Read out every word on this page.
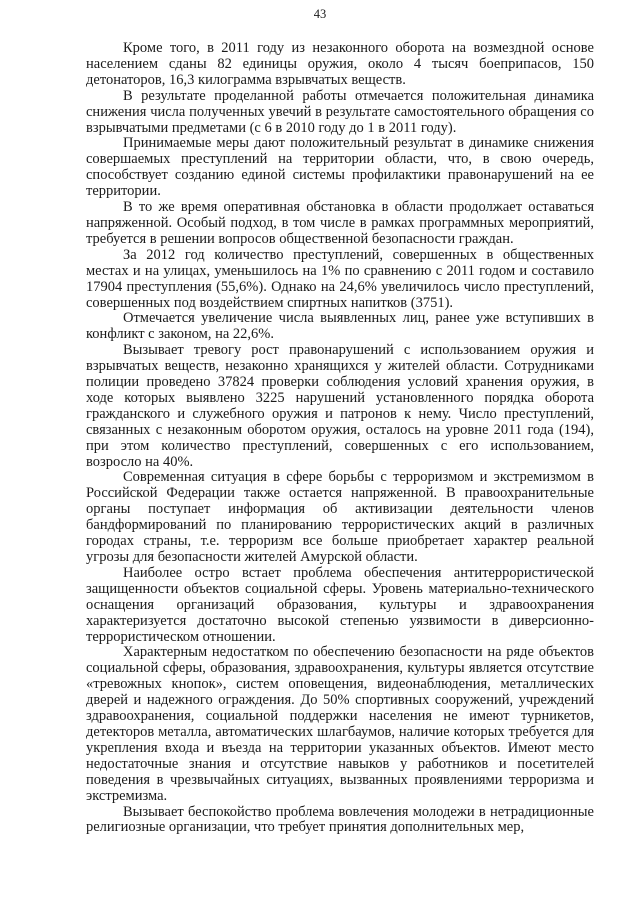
43

Кроме того, в 2011 году из незаконного оборота на возмездной основе населением сданы 82 единицы оружия, около 4 тысяч боеприпасов, 150 детонаторов, 16,3 килограмма взрывчатых веществ.

В результате проделанной работы отмечается положительная динамика снижения числа полученных увечий в результате самостоятельного обращения со взрывчатыми предметами (с 6 в 2010 году до 1 в 2011 году).

Принимаемые меры дают положительный результат в динамике снижения совершаемых преступлений на территории области, что, в свою очередь, способствует созданию единой системы профилактики правонарушений на ее территории.

В то же время оперативная обстановка в области продолжает оставаться напряженной. Особый подход, в том числе в рамках программных мероприятий, требуется в решении вопросов общественной безопасности граждан.

За 2012 год количество преступлений, совершенных в общественных местах и на улицах, уменьшилось на 1% по сравнению с 2011 годом и составило 17904 преступления (55,6%). Однако на 24,6% увеличилось число преступлений, совершенных под воздействием спиртных напитков (3751).

Отмечается увеличение числа выявленных лиц, ранее уже вступивших в конфликт с законом, на 22,6%.

Вызывает тревогу рост правонарушений с использованием оружия и взрывчатых веществ, незаконно хранящихся у жителей области. Сотрудниками полиции проведено 37824 проверки соблюдения условий хранения оружия, в ходе которых выявлено 3225 нарушений установленного порядка оборота гражданского и служебного оружия и патронов к нему. Число преступлений, связанных с незаконным оборотом оружия, осталось на уровне 2011 года (194), при этом количество преступлений, совершенных с его использованием, возросло на 40%.

Современная ситуация в сфере борьбы с терроризмом и экстремизмом в Российской Федерации также остается напряженной. В правоохранительные органы поступает информация об активизации деятельности членов бандформирований по планированию террористических акций в различных городах страны, т.е. терроризм все больше приобретает характер реальной угрозы для безопасности жителей Амурской области.

Наиболее остро встает проблема обеспечения антитеррористической защищенности объектов социальной сферы. Уровень материально-технического оснащения организаций образования, культуры и здравоохранения характеризуется достаточно высокой степенью уязвимости в диверсионно-террористическом отношении.

Характерным недостатком по обеспечению безопасности на ряде объектов социальной сферы, образования, здравоохранения, культуры является отсутствие «тревожных кнопок», систем оповещения, видеонаблюдения, металлических дверей и надежного ограждения. До 50% спортивных сооружений, учреждений здравоохранения, социальной поддержки населения не имеют турникетов, детекторов металла, автоматических шлагбаумов, наличие которых требуется для укрепления входа и въезда на территории указанных объектов. Имеют место недостаточные знания и отсутствие навыков у работников и посетителей поведения в чрезвычайных ситуациях, вызванных проявлениями терроризма и экстремизма.

Вызывает беспокойство проблема вовлечения молодежи в нетрадиционные религиозные организации, что требует принятия дополнительных мер,
